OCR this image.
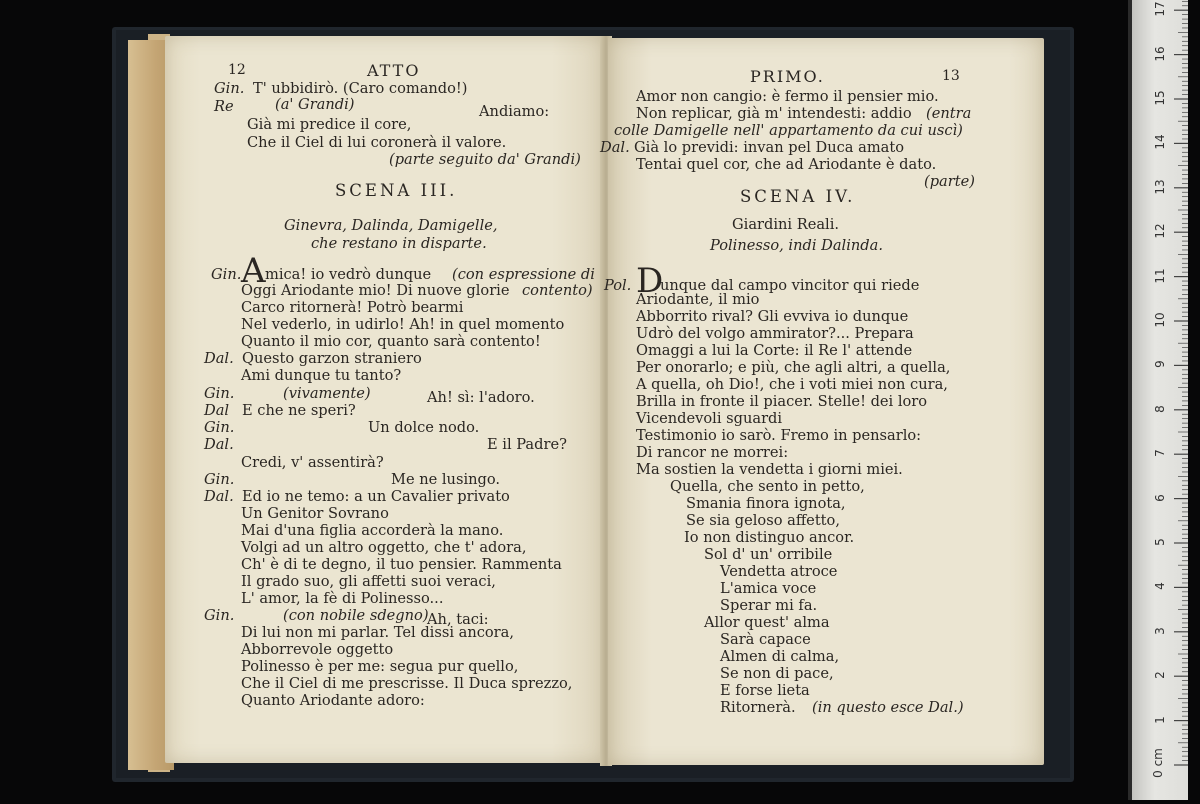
12	ATTO
Gin. T' ubbidirò. (Caro comando!)
Re	(a' Grandi)	Andiamo:
Già mi predice il core,
Che il Ciel di lui coronerà il valore.
(parte seguito da' Grandi)
SCENA III.
Ginevra, Dalinda, Damigelle,
che restano in disparte.
Gin. A mica! io vedrò dunque (con espressione di
Oggi Ariodante mio! Di nuove glorie contento)
Carco ritornerà! Potrò bearmi
Nel vederlo, in udirlo! Ah! in quel momento
Quanto il mio cor, quanto sarà contento!
Dal. Questo garzon straniero
Ami dunque tu tanto?
Gin.	(vivamente)	Ah! sì: l'adoro.
Dal E che ne speri?
Gin.	Un dolce nodo.
Dal.	E il Padre?
Credi, v' assentirà?
Gin.	Me ne lusingo.
Dal. Ed io ne temo: a un Cavalier privato
Un Genitor Sovrano
Mai d'una figlia accorderà la mano.
Volgi ad un altro oggetto, che t' adora,
Ch' è di te degno, il tuo pensier. Rammenta
Il grado suo, gli affetti suoi veraci,
L' amor, la fè di Polinesso...
Gin.	(con nobile sdegno)
Ah, taci:
Di lui non mi parlar. Tel dissi ancora,
Abborrevole oggetto
Polinesso è per me: segua pur quello,
Che il Ciel di me prescrisse. Il Duca sprezzo,
Quanto Ariodante adoro:
PRIMO.	13
Amor non cangio: è fermo il pensier mio.
Non replicar, già m' intendesti: addio (entra
colle Damigelle nell' appartamento da cui uscì)
Dal. Già lo previdi: invan pel Duca amato
Tentai quel cor, che ad Ariodante è dato.
(parte)
SCENA IV.
Giardini Reali.
Polinesso, indi Dalinda.
Pol. D
unque dal campo vincitor qui riede
Ariodante, il mio
Abborrito rival? Gli evviva io dunque
Udrò del volgo ammirator?... Prepara
Omaggi a lui la Corte: il Re l' attende
Per onorarlo; e più, che agli altri, a quella,
A quella, oh Dio!, che i voti miei non cura,
Brilla in fronte il piacer. Stelle! dei loro
Vicendevoli sguardi
Testimonio io sarò. Fremo in pensarlo:
Di rancor ne morrei:
Ma sostien la vendetta i giorni miei.
Quella, che sento in petto,
Smania finora ignota,
Se sia geloso affetto,
Io non distinguo ancor.
Sol d' un' orribile
Vendetta atroce
L'amica voce
Sperar mi fa.
Allor quest' alma
Sarà capace
Almen di calma,
Se non di pace,
E forse lieta
Ritornerà. (in questo esce Dal.)
0 cm
1
2
3
4
5
6
7
8
9
10
11
12
13
14
15
16
17
